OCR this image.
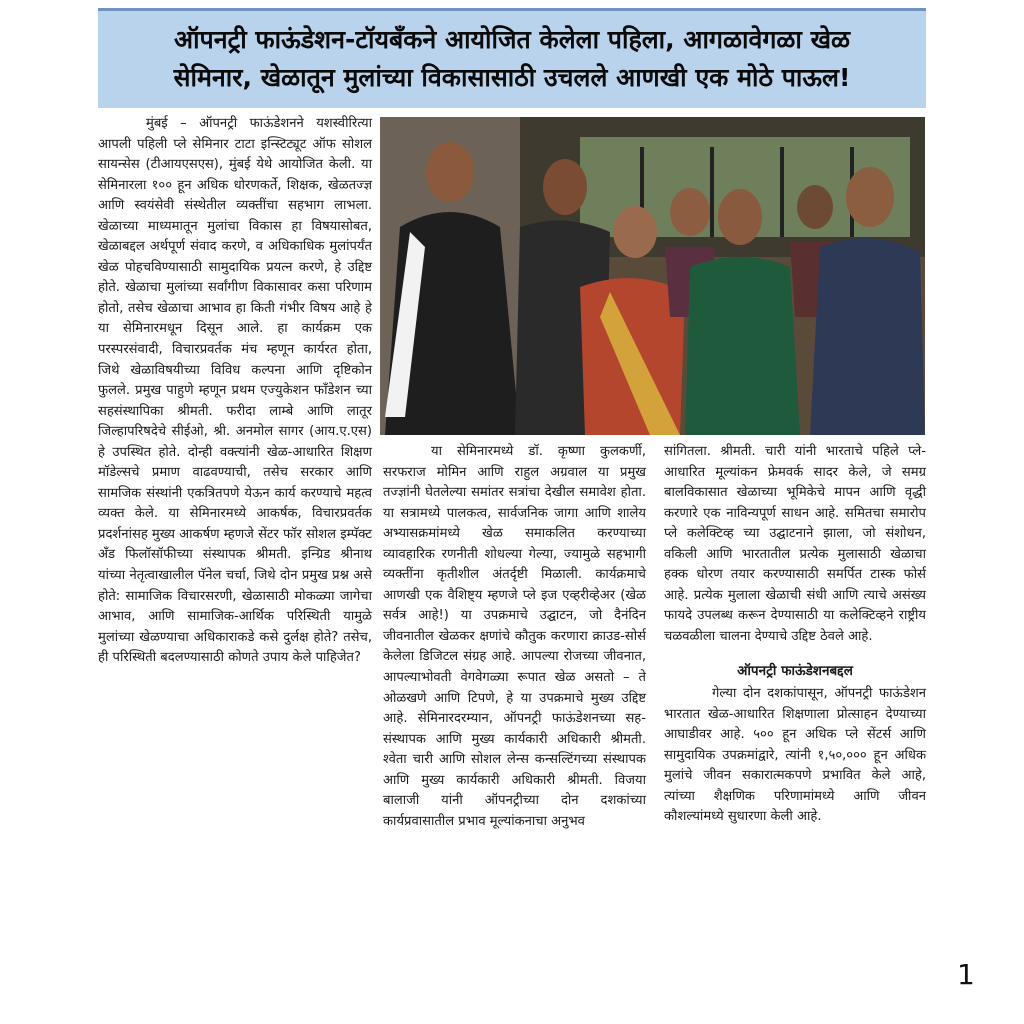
ऑपनट्री फाऊंडेशन-टॉयबँकने आयोजित केलेला पहिला, आगळावेगळा खेळ
सेमिनार, खेळातून मुलांच्या विकासासाठी उचलले आणखी एक मोठे पाऊल!

मुंबई – ऑपनट्री फाऊंडेशनने यशस्वीरित्या आपली पहिली प्ले सेमिनार टाटा इन्स्टिट्यूट ऑफ सोशल सायन्सेस (टीआयएसएस), मुंबई येथे आयोजित केली. या सेमिनारला १०० हून अधिक धोरणकर्ते, शिक्षक, खेळतज्ज्ञ आणि स्वयंसेवी संस्थेतील व्यक्तींचा सहभाग लाभला. खेळाच्या माध्यमातून मुलांचा विकास हा विषयासोबत, खेळाबद्दल अर्थपूर्ण संवाद करणे, व अधिकाधिक मुलांपर्यंत खेळ पोहचविण्यासाठी सामुदायिक प्रयत्न करणे, हे उद्दिष्ट होते. खेळाचा मुलांच्या सर्वांगीण विकासावर कसा परिणाम होतो, तसेच खेळाचा आभाव हा किती गंभीर विषय आहे हे या सेमिनारमधून दिसून आले. हा कार्यक्रम एक परस्परसंवादी, विचारप्रवर्तक मंच म्हणून कार्यरत होता, जिथे खेळाविषयीच्या विविध कल्पना आणि दृष्टिकोन फुलले. प्रमुख पाहुणे म्हणून प्रथम एज्युकेशन फाँडेशन च्या सहसंस्थापिका श्रीमती. फरीदा लाम्बे आणि लातूर जिल्हापरिषदेचे सीईओ, श्री. अनमोल सागर (आय.ए.एस) हे उपस्थित होते. दोन्ही वक्त्यांनी खेळ-आधारित शिक्षण मॉडेल्सचे प्रमाण वाढवण्याची, तसेच सरकार आणि सामजिक संस्थांनी एकत्रितपणे येऊन कार्य करण्याचे महत्व व्यक्त केले. या सेमिनारमध्ये आकर्षक, विचारप्रवर्तक प्रदर्शनांसह मुख्य आकर्षण म्हणजे सेंटर फॉर सोशल इम्पॅक्ट अँड फिलॉसॉफीच्या संस्थापक श्रीमती. इन्ग्रिड श्रीनाथ यांच्या नेतृत्वाखालील पॅनेल चर्चा, जिथे दोन प्रमुख प्रश्न असे होते: सामाजिक विचारसरणी, खेळासाठी मोकळ्या जागेचा आभाव, आणि सामाजिक-आर्थिक परिस्थिती यामुळे मुलांच्या खेळण्याचा अधिकाराकडे कसे दुर्लक्ष होते? तसेच, ही परिस्थिती बदलण्यासाठी कोणते उपाय केले पाहिजेत?

या सेमिनारमध्ये डॉ. कृष्णा कुलकर्णी, सरफराज मोमिन आणि राहुल अग्रवाल या प्रमुख तज्ज्ञांनी घेतलेल्या समांतर सत्रांचा देखील समावेश होता. या सत्रामध्ये पालकत्व, सार्वजनिक जागा आणि शालेय अभ्यासक्रमांमध्ये खेळ समाकलित करण्याच्या व्यावहारिक रणनीती शोधल्या गेल्या, ज्यामुळे सहभागी व्यक्तींना कृतीशील अंतर्दृष्टी मिळाली. कार्यक्रमाचे आणखी एक वैशिष्ट्य म्हणजे प्ले इज एव्हरीव्हेअर (खेळ सर्वत्र आहे!) या उपक्रमाचे उद्घाटन, जो दैनंदिन जीवनातील खेळकर क्षणांचे कौतुक करणारा क्राउड-सोर्स केलेला डिजिटल संग्रह आहे. आपल्या रोजच्या जीवनात, आपल्याभोवती वेगवेगळ्या रूपात खेळ असतो – ते ओळखणे आणि टिपणे, हे या उपक्रमाचे मुख्य उद्दिष्ट आहे. सेमिनारदरम्यान, ऑपनट्री फाऊंडेशनच्या सह-संस्थापक आणि मुख्य कार्यकारी अधिकारी श्रीमती. श्वेता चारी आणि सोशल लेन्स कन्सल्टिंगच्या संस्थापक आणि मुख्य कार्यकारी अधिकारी श्रीमती. विजया बालाजी यांनी ऑपनट्रीच्या दोन दशकांच्या कार्यप्रवासातील प्रभाव मूल्यांकनाचा अनुभव

सांगितला. श्रीमती. चारी यांनी भारताचे पहिले प्ले-आधारित मूल्यांकन फ्रेमवर्क सादर केले, जे समग्र बालविकासात खेळाच्या भूमिकेचे मापन आणि वृद्धी करणारे एक नाविन्यपूर्ण साधन आहे. समितचा समारोप प्ले कलेक्टिव्ह च्या उद्घाटनाने झाला, जो संशोधन, वकिली आणि भारतातील प्रत्येक मुलासाठी खेळाचा हक्क धोरण तयार करण्यासाठी समर्पित टास्क फोर्स आहे. प्रत्येक मुलाला खेळाची संधी आणि त्याचे असंख्य फायदे उपलब्ध करून देण्यासाठी या कलेक्टिव्हने राष्ट्रीय चळवळीला चालना देण्याचे उद्दिष्ट ठेवले आहे.

ऑपनट्री फाऊंडेशनबद्दल

गेल्या दोन दशकांपासून, ऑपनट्री फाऊंडेशन भारतात खेळ-आधारित शिक्षणाला प्रोत्साहन देण्याच्या आघाडीवर आहे. ५०० हून अधिक प्ले सेंटर्स आणि सामुदायिक उपक्रमांद्वारे, त्यांनी १,५०,००० हून अधिक मुलांचे जीवन सकारात्मकपणे प्रभावित केले आहे, त्यांच्या शैक्षणिक परिणामांमध्ये आणि जीवन कौशल्यांमध्ये सुधारणा केली आहे.

1
